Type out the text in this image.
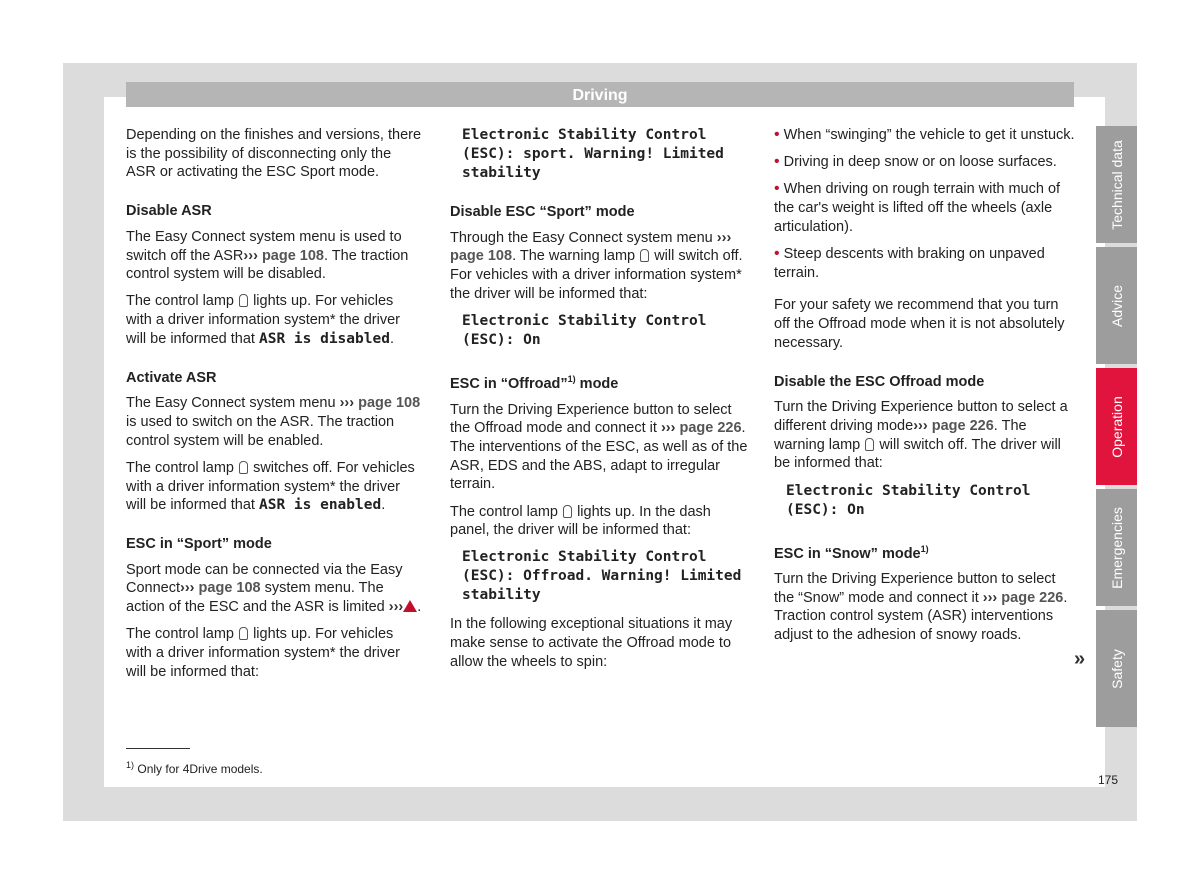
Driving

Depending on the finishes and versions, there is the possibility of disconnecting only the ASR or activating the ESC Sport mode.

Disable ASR

The Easy Connect system menu is used to switch off the ASR››› page 108. The traction control system will be disabled.

The control lamp lights up. For vehicles with a driver information system* the driver will be informed that ASR is disabled.

Activate ASR

The Easy Connect system menu ››› page 108 is used to switch on the ASR. The traction control system will be enabled.

The control lamp switches off. For vehicles with a driver information system* the driver will be informed that ASR is enabled.

ESC in “Sport” mode

Sport mode can be connected via the Easy Connect››› page 108 system menu. The action of the ESC and the ASR is limited ››› .

The control lamp lights up. For vehicles with a driver information system* the driver will be informed that:

Electronic Stability Control (ESC): sport. Warning! Limited stability
Disable ESC “Sport” mode

Through the Easy Connect system menu ››› page 108. The warning lamp will switch off. For vehicles with a driver information system* the driver will be informed that:

Electronic Stability Control (ESC): On
ESC in “Offroad”$^{1)}$ mode

Turn the Driving Experience button to select the Offroad mode and connect it ››› page 226. The interventions of the ESC, as well as of the ASR, EDS and the ABS, adapt to irregular terrain.

The control lamp lights up. In the dash panel, the driver will be informed that:

Electronic Stability Control (ESC): Offroad. Warning! Limited stability

In the following exceptional situations it may make sense to activate the Offroad mode to allow the wheels to spin:

• When “swinging” the vehicle to get it unstuck.

• Driving in deep snow or on loose surfaces.

• When driving on rough terrain with much of the car's weight is lifted off the wheels (axle articulation).

• Steep descents with braking on unpaved terrain.

For your safety we recommend that you turn off the Offroad mode when it is not absolutely necessary.

Disable the ESC Offroad mode

Turn the Driving Experience button to select a different driving mode››› page 226. The warning lamp will switch off. The driver will be informed that:

Electronic Stability Control (ESC): On
ESC in “Snow” mode$^{1)}$

Turn the Driving Experience button to select the “Snow” mode and connect it ››› page 226. Traction control system (ASR) interventions adjust to the adhesion of snowy roads.

»
Technical data
Advice
Operation
Emergencies
Safety
$^{1)}$ Only for 4Drive models.
175
